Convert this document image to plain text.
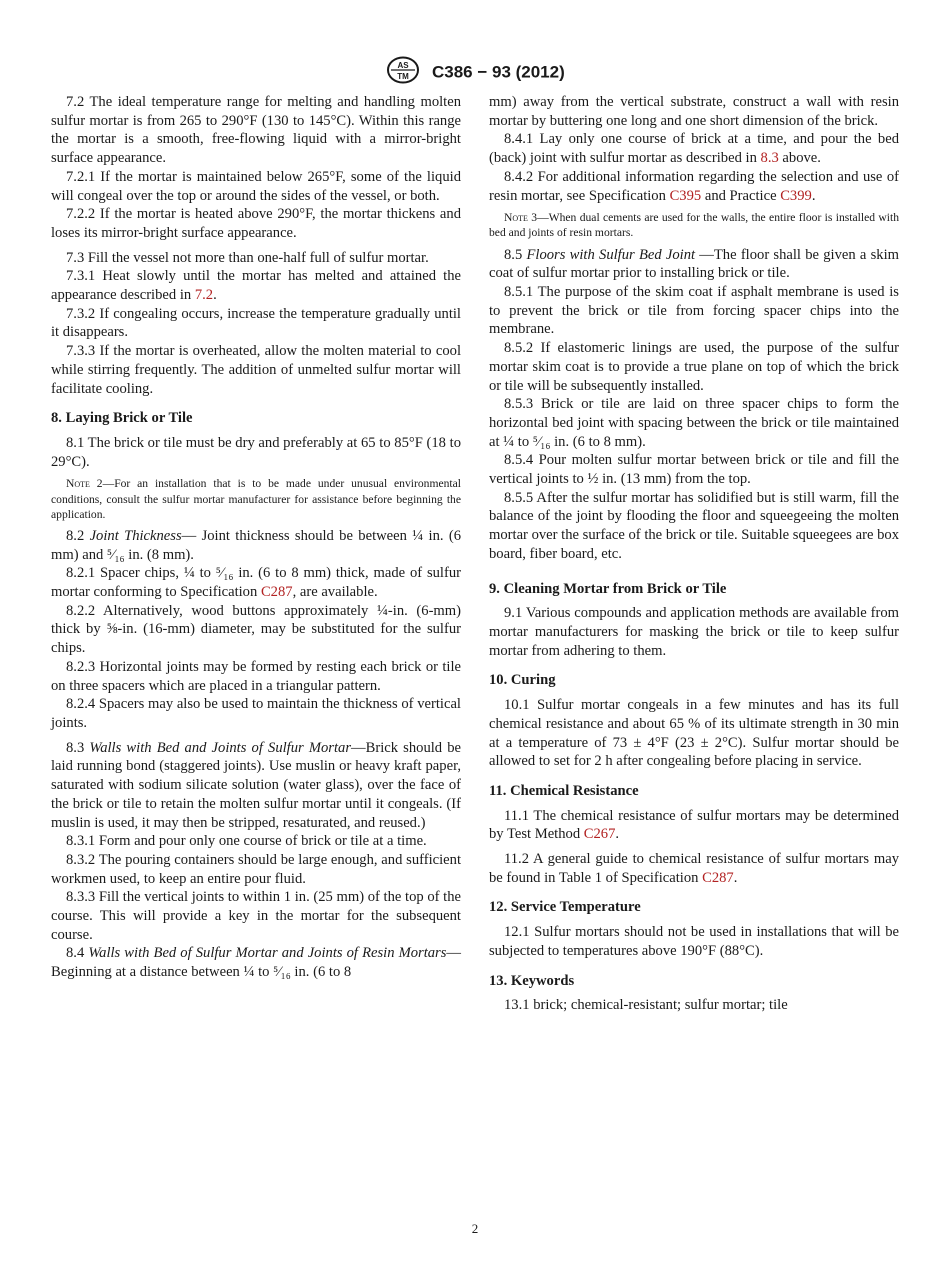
AS
TM C386 − 93 (2012)

7.2 The ideal temperature range for melting and handling molten sulfur mortar is from 265 to 290°F (130 to 145°C). Within this range the mortar is a smooth, free-flowing liquid with a mirror-bright surface appearance.

7.2.1 If the mortar is maintained below 265°F, some of the liquid will congeal over the top or around the sides of the vessel, or both.

7.2.2 If the mortar is heated above 290°F, the mortar thickens and loses its mirror-bright surface appearance.

7.3 Fill the vessel not more than one-half full of sulfur mortar.

7.3.1 Heat slowly until the mortar has melted and attained the appearance described in 7.2.

7.3.2 If congealing occurs, increase the temperature gradually until it disappears.

7.3.3 If the mortar is overheated, allow the molten material to cool while stirring frequently. The addition of unmelted sulfur mortar will facilitate cooling.

8. Laying Brick or Tile

8.1 The brick or tile must be dry and preferably at 65 to 85°F (18 to 29°C).

Note 2—For an installation that is to be made under unusual environmental conditions, consult the sulfur mortar manufacturer for assistance before beginning the application.

8.2 Joint Thickness— Joint thickness should be between ¼ in. (6 mm) and ⁵⁄₁₆ in. (8 mm).

8.2.1 Spacer chips, ¼ to ⁵⁄₁₆ in. (6 to 8 mm) thick, made of sulfur mortar conforming to Specification C287, are available.

8.2.2 Alternatively, wood buttons approximately ¼-in. (6-mm) thick by ⅝-in. (16-mm) diameter, may be substituted for the sulfur chips.

8.2.3 Horizontal joints may be formed by resting each brick or tile on three spacers which are placed in a triangular pattern.

8.2.4 Spacers may also be used to maintain the thickness of vertical joints.

8.3 Walls with Bed and Joints of Sulfur Mortar—Brick should be laid running bond (staggered joints). Use muslin or heavy kraft paper, saturated with sodium silicate solution (water glass), over the face of the brick or tile to retain the molten sulfur mortar until it congeals. (If muslin is used, it may then be stripped, resaturated, and reused.)

8.3.1 Form and pour only one course of brick or tile at a time.

8.3.2 The pouring containers should be large enough, and sufficient workmen used, to keep an entire pour fluid.

8.3.3 Fill the vertical joints to within 1 in. (25 mm) of the top of the course. This will provide a key in the mortar for the subsequent course.

8.4 Walls with Bed of Sulfur Mortar and Joints of Resin Mortars—Beginning at a distance between ¼ to ⁵⁄₁₆ in. (6 to 8

mm) away from the vertical substrate, construct a wall with resin mortar by buttering one long and one short dimension of the brick.

8.4.1 Lay only one course of brick at a time, and pour the bed (back) joint with sulfur mortar as described in 8.3 above.

8.4.2 For additional information regarding the selection and use of resin mortar, see Specification C395 and Practice C399.

Note 3—When dual cements are used for the walls, the entire floor is installed with bed and joints of resin mortars.

8.5 Floors with Sulfur Bed Joint —The floor shall be given a skim coat of sulfur mortar prior to installing brick or tile.

8.5.1 The purpose of the skim coat if asphalt membrane is used is to prevent the brick or tile from forcing spacer chips into the membrane.

8.5.2 If elastomeric linings are used, the purpose of the sulfur mortar skim coat is to provide a true plane on top of which the brick or tile will be subsequently installed.

8.5.3 Brick or tile are laid on three spacer chips to form the horizontal bed joint with spacing between the brick or tile maintained at ¼ to ⁵⁄₁₆ in. (6 to 8 mm).

8.5.4 Pour molten sulfur mortar between brick or tile and fill the vertical joints to ½ in. (13 mm) from the top.

8.5.5 After the sulfur mortar has solidified but is still warm, fill the balance of the joint by flooding the floor and squeegeeing the molten mortar over the surface of the brick or tile. Suitable squeegees are box board, fiber board, etc.

9. Cleaning Mortar from Brick or Tile

9.1 Various compounds and application methods are available from mortar manufacturers for masking the brick or tile to keep sulfur mortar from adhering to them.

10. Curing

10.1 Sulfur mortar congeals in a few minutes and has its full chemical resistance and about 65 % of its ultimate strength in 30 min at a temperature of 73 ± 4°F (23 ± 2°C). Sulfur mortar should be allowed to set for 2 h after congealing before placing in service.

11. Chemical Resistance

11.1 The chemical resistance of sulfur mortars may be determined by Test Method C267.

11.2 A general guide to chemical resistance of sulfur mortars may be found in Table 1 of Specification C287.

12. Service Temperature

12.1 Sulfur mortars should not be used in installations that will be subjected to temperatures above 190°F (88°C).

13. Keywords

13.1 brick; chemical-resistant; sulfur mortar; tile

2
